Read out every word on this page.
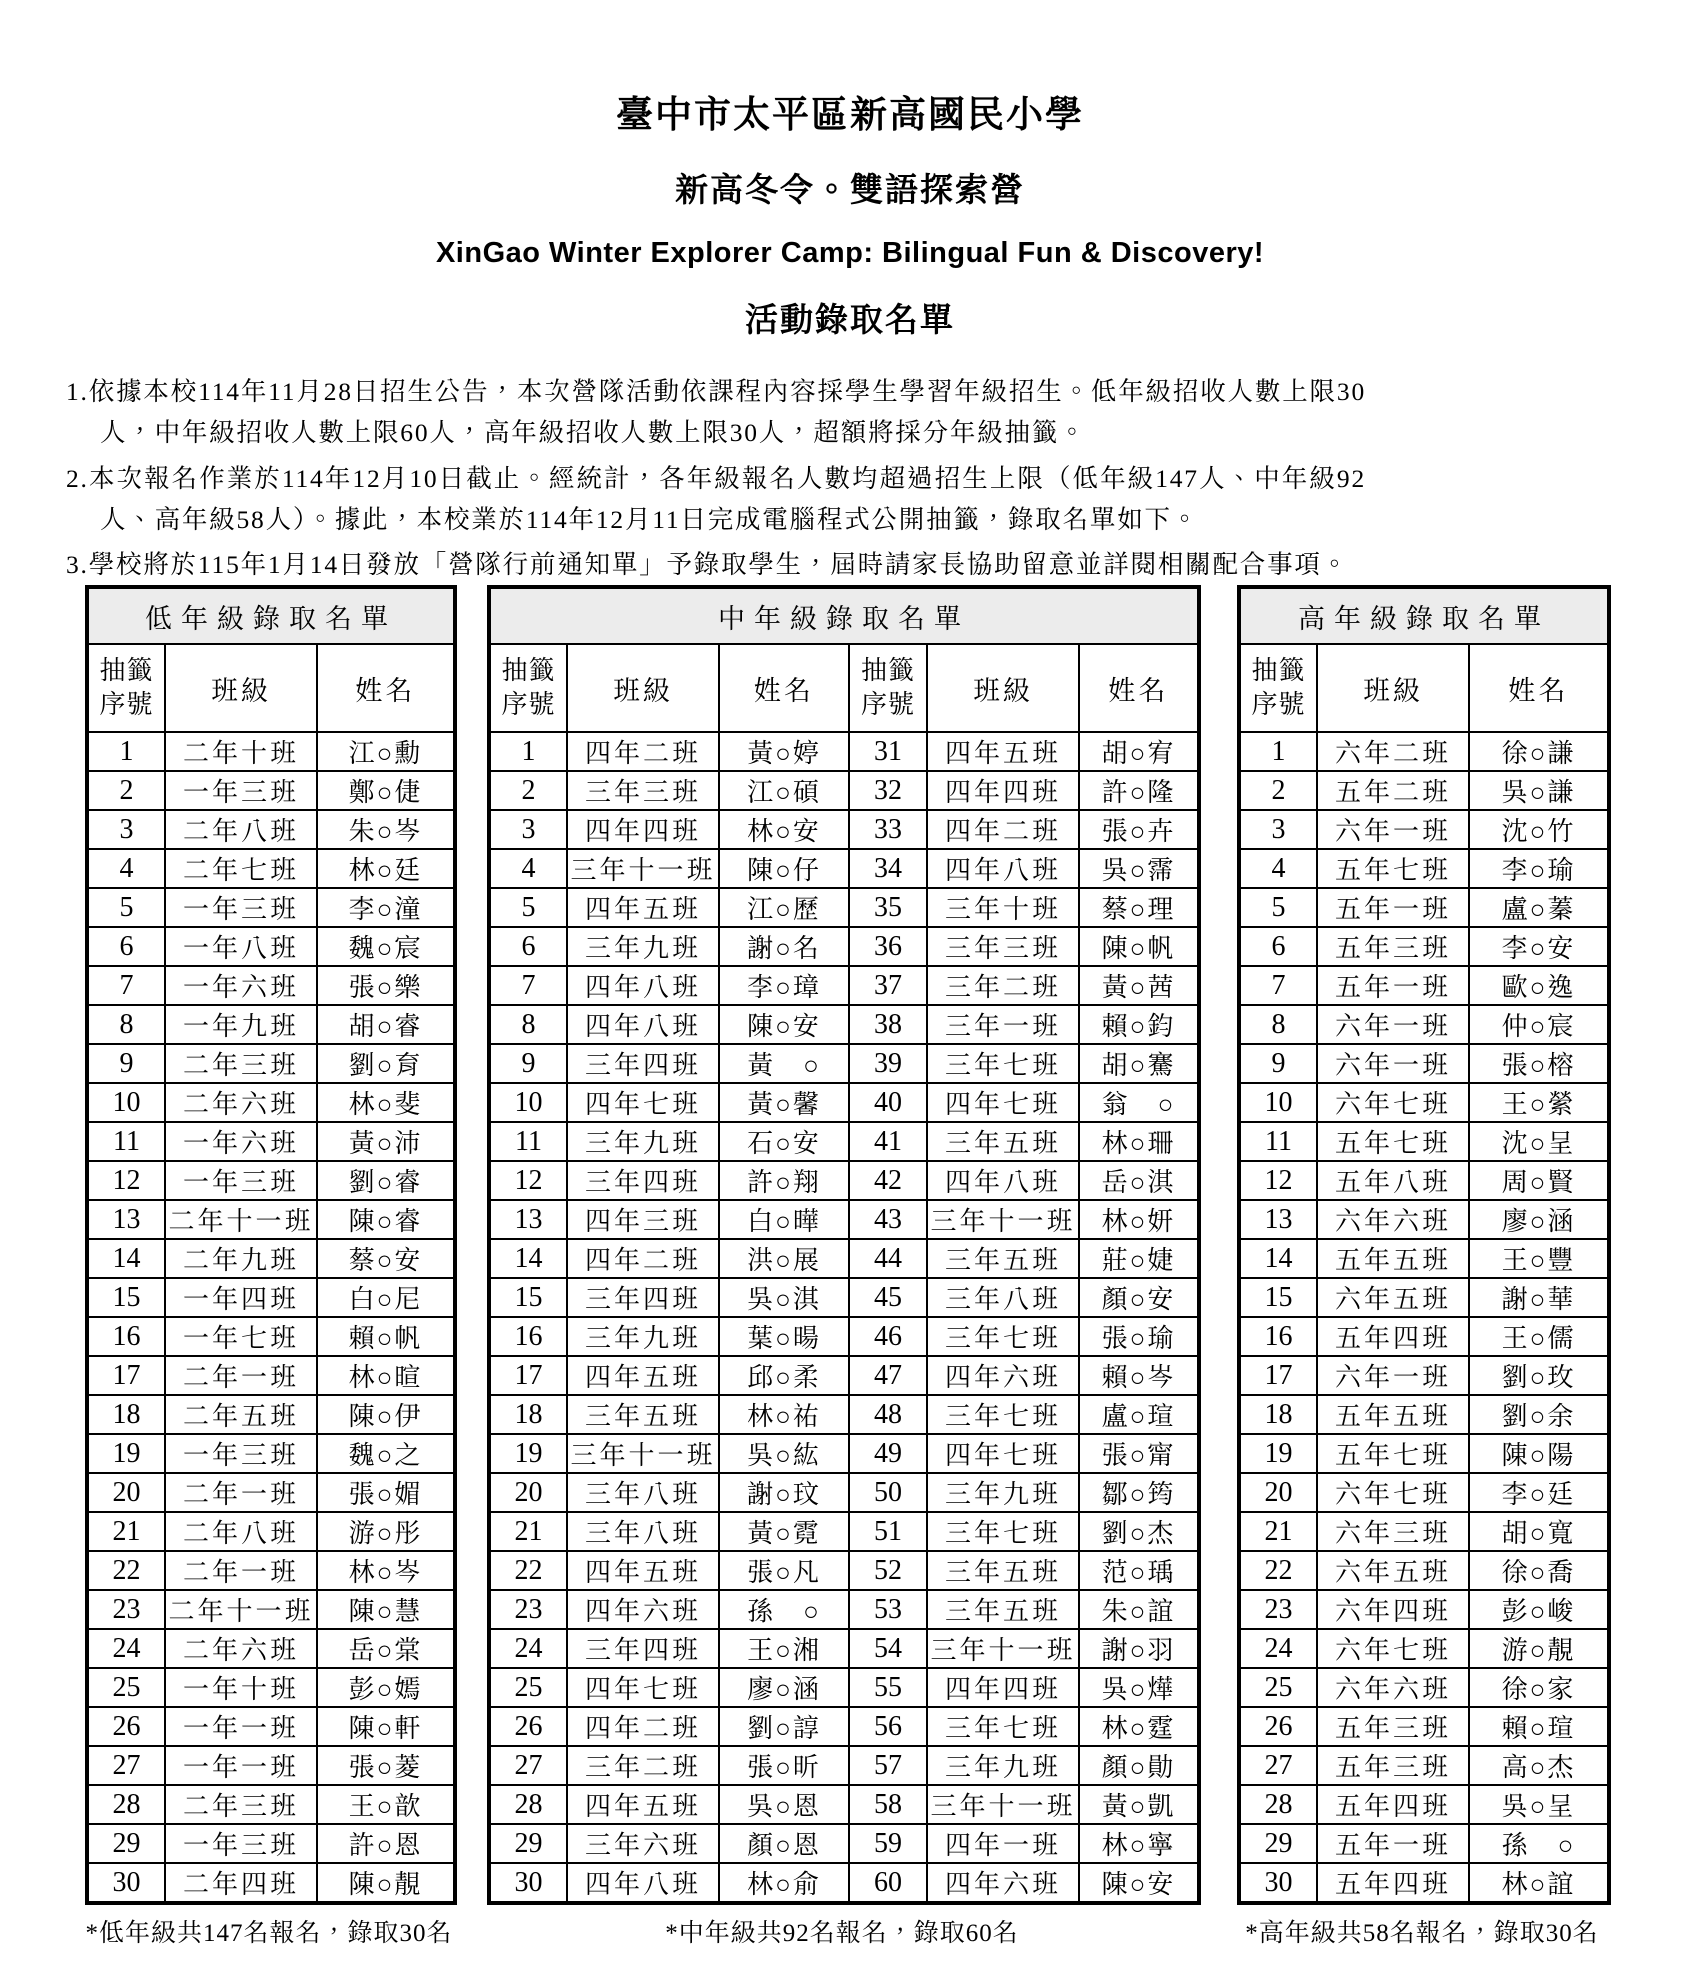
臺中市太平區新高國民小學
新高冬令。雙語探索營
XinGao Winter Explorer Camp: Bilingual Fun & Discovery!
活動錄取名單

1.依據本校114年11月28日招生公告，本次營隊活動依課程內容採學生學習年級招生。低年級招收人數上限30人，中年級招收人數上限60人，高年級招收人數上限30人，超額將採分年級抽籤。

2.本次報名作業於114年12月10日截止。經統計，各年級報名人數均超過招生上限（低年級147人、中年級92人、高年級58人）。據此，本校業於114年12月11日完成電腦程式公開抽籤，錄取名單如下。

3.學校將於115年1月14日發放「營隊行前通知單」予錄取學生，屆時請家長協助留意並詳閱相關配合事項。

低年級錄取名單		
抽籤序號	班級	姓名
1	二年十班	江○勳
2	一年三班	鄭○倢
3	二年八班	朱○岑
4	二年七班	林○廷
5	一年三班	李○潼
6	一年八班	魏○宸
7	一年六班	張○樂
8	一年九班	胡○睿
9	二年三班	劉○育
10	二年六班	林○斐
11	一年六班	黃○沛
12	一年三班	劉○睿
13	二年十一班	陳○睿
14	二年九班	蔡○安
15	一年四班	白○尼
16	一年七班	賴○帆
17	二年一班	林○暄
18	二年五班	陳○伊
19	一年三班	魏○之
20	二年一班	張○媚
21	二年八班	游○彤
22	二年一班	林○岑
23	二年十一班	陳○慧
24	二年六班	岳○棠
25	一年十班	彭○嫣
26	一年一班	陳○軒
27	一年一班	張○菱
28	二年三班	王○歆
29	一年三班	許○恩
30	二年四班	陳○靚
*低年級共147名報名，錄取30名
中年級錄取名單					
抽籤序號	班級	姓名	抽籤序號	班級	姓名
1	四年二班	黃○婷	31	四年五班	胡○宥
2	三年三班	江○碩	32	四年四班	許○隆
3	四年四班	林○安	33	四年二班	張○卉
4	三年十一班	陳○仔	34	四年八班	吳○霈
5	四年五班	江○歷	35	三年十班	蔡○理
6	三年九班	謝○名	36	三年三班	陳○帆
7	四年八班	李○璋	37	三年二班	黃○茜
8	四年八班	陳○安	38	三年一班	賴○鈞
9	三年四班	黃　○	39	三年七班	胡○騫
10	四年七班	黃○馨	40	四年七班	翁　○
11	三年九班	石○安	41	三年五班	林○珊
12	三年四班	許○翔	42	四年八班	岳○淇
13	四年三班	白○曄	43	三年十一班	林○妍
14	四年二班	洪○展	44	三年五班	莊○婕
15	三年四班	吳○淇	45	三年八班	顏○安
16	三年九班	葉○暘	46	三年七班	張○瑜
17	四年五班	邱○柔	47	四年六班	賴○岑
18	三年五班	林○祐	48	三年七班	盧○瑄
19	三年十一班	吳○紘	49	四年七班	張○甯
20	三年八班	謝○玟	50	三年九班	鄒○筠
21	三年八班	黃○霓	51	三年七班	劉○杰
22	四年五班	張○凡	52	三年五班	范○瑀
23	四年六班	孫　○	53	三年五班	朱○誼
24	三年四班	王○湘	54	三年十一班	謝○羽
25	四年七班	廖○涵	55	四年四班	吳○燁
26	四年二班	劉○諄	56	三年七班	林○霆
27	三年二班	張○昕	57	三年九班	顏○勛
28	四年五班	吳○恩	58	三年十一班	黃○凱
29	三年六班	顏○恩	59	四年一班	林○寧
30	四年八班	林○俞	60	四年六班	陳○安
*中年級共92名報名，錄取60名
高年級錄取名單		
抽籤序號	班級	姓名
1	六年二班	徐○謙
2	五年二班	吳○謙
3	六年一班	沈○竹
4	五年七班	李○瑜
5	五年一班	盧○蓁
6	五年三班	李○安
7	五年一班	歐○逸
8	六年一班	仲○宸
9	六年一班	張○榕
10	六年七班	王○縈
11	五年七班	沈○呈
12	五年八班	周○賢
13	六年六班	廖○涵
14	五年五班	王○豐
15	六年五班	謝○華
16	五年四班	王○儒
17	六年一班	劉○玫
18	五年五班	劉○余
19	五年七班	陳○陽
20	六年七班	李○廷
21	六年三班	胡○寬
22	六年五班	徐○喬
23	六年四班	彭○峻
24	六年七班	游○靚
25	六年六班	徐○家
26	五年三班	賴○瑄
27	五年三班	高○杰
28	五年四班	吳○呈
29	五年一班	孫　○
30	五年四班	林○誼
*高年級共58名報名，錄取30名
